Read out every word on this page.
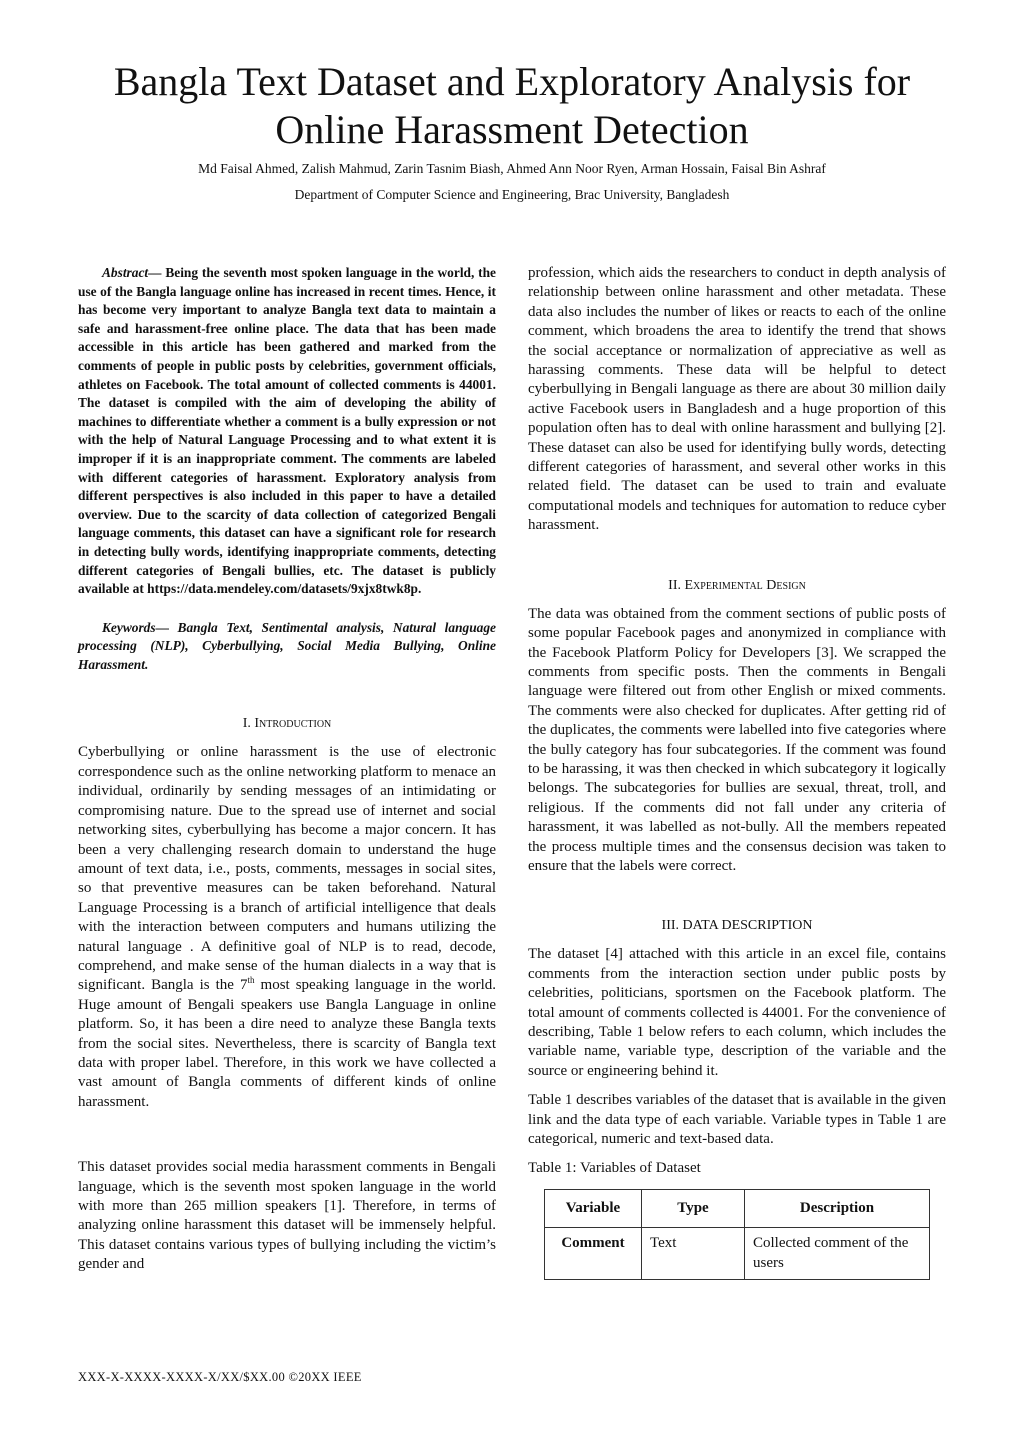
Bangla Text Dataset and Exploratory Analysis for
Online Harassment Detection
Md Faisal Ahmed, Zalish Mahmud, Zarin Tasnim Biash, Ahmed Ann Noor Ryen, Arman Hossain, Faisal Bin Ashraf
Department of Computer Science and Engineering, Brac University, Bangladesh

Abstract— Being the seventh most spoken language in the world, the use of the Bangla language online has increased in recent times. Hence, it has become very important to analyze Bangla text data to maintain a safe and harassment-free online place. The data that has been made accessible in this article has been gathered and marked from the comments of people in public posts by celebrities, government officials, athletes on Facebook. The total amount of collected comments is 44001. The dataset is compiled with the aim of developing the ability of machines to differentiate whether a comment is a bully expression or not with the help of Natural Language Processing and to what extent it is improper if it is an inappropriate comment. The comments are labeled with different categories of harassment. Exploratory analysis from different perspectives is also included in this paper to have a detailed overview. Due to the scarcity of data collection of categorized Bengali language comments, this dataset can have a significant role for research in detecting bully words, identifying inappropriate comments, detecting different categories of Bengali bullies, etc. The dataset is publicly available at https://data.mendeley.com/datasets/9xjx8twk8p.

Keywords— Bangla Text, Sentimental analysis, Natural language processing (NLP), Cyberbullying, Social Media Bullying, Online Harassment.

I. Introduction

Cyberbullying or online harassment is the use of electronic correspondence such as the online networking platform to menace an individual, ordinarily by sending messages of an intimidating or compromising nature. Due to the spread use of internet and social networking sites, cyberbullying has become a major concern. It has been a very challenging research domain to understand the huge amount of text data, i.e., posts, comments, messages in social sites, so that preventive measures can be taken beforehand. Natural Language Processing is a branch of artificial intelligence that deals with the interaction between computers and humans utilizing the natural language . A definitive goal of NLP is to read, decode, comprehend, and make sense of the human dialects in a way that is significant. Bangla is the 7th most speaking language in the world. Huge amount of Bengali speakers use Bangla Language in online platform. So, it has been a dire need to analyze these Bangla texts from the social sites. Nevertheless, there is scarcity of Bangla text data with proper label. Therefore, in this work we have collected a vast amount of Bangla comments of different kinds of online harassment.

This dataset provides social media harassment comments in Bengali language, which is the seventh most spoken language in the world with more than 265 million speakers [1]. Therefore, in terms of analyzing online harassment this dataset will be immensely helpful. This dataset contains various types of bullying including the victim’s gender and

profession, which aids the researchers to conduct in depth analysis of relationship between online harassment and other metadata. These data also includes the number of likes or reacts to each of the online comment, which broadens the area to identify the trend that shows the social acceptance or normalization of appreciative as well as harassing comments. These data will be helpful to detect cyberbullying in Bengali language as there are about 30 million daily active Facebook users in Bangladesh and a huge proportion of this population often has to deal with online harassment and bullying [2]. These dataset can also be used for identifying bully words, detecting different categories of harassment, and several other works in this related field. The dataset can be used to train and evaluate computational models and techniques for automation to reduce cyber harassment.

II. Experimental Design

The data was obtained from the comment sections of public posts of some popular Facebook pages and anonymized in compliance with the Facebook Platform Policy for Developers [3]. We scrapped the comments from specific posts. Then the comments in Bengali language were filtered out from other English or mixed comments. The comments were also checked for duplicates. After getting rid of the duplicates, the comments were labelled into five categories where the bully category has four subcategories. If the comment was found to be harassing, it was then checked in which subcategory it logically belongs. The subcategories for bullies are sexual, threat, troll, and religious. If the comments did not fall under any criteria of harassment, it was labelled as not-bully. All the members repeated the process multiple times and the consensus decision was taken to ensure that the labels were correct.

III. DATA DESCRIPTION

The dataset [4] attached with this article in an excel file, contains comments from the interaction section under public posts by celebrities, politicians, sportsmen on the Facebook platform. The total amount of comments collected is 44001. For the convenience of describing, Table 1 below refers to each column, which includes the variable name, variable type, description of the variable and the source or engineering behind it.

Table 1 describes variables of the dataset that is available in the given link and the data type of each variable. Variable types in Table 1 are categorical, numeric and text-based data.

Table 1: Variables of Dataset

Variable	Type	Description
Comment	Text	Collected comment of the users
XXX-X-XXXX-XXXX-X/XX/$XX.00 ©20XX IEEE
